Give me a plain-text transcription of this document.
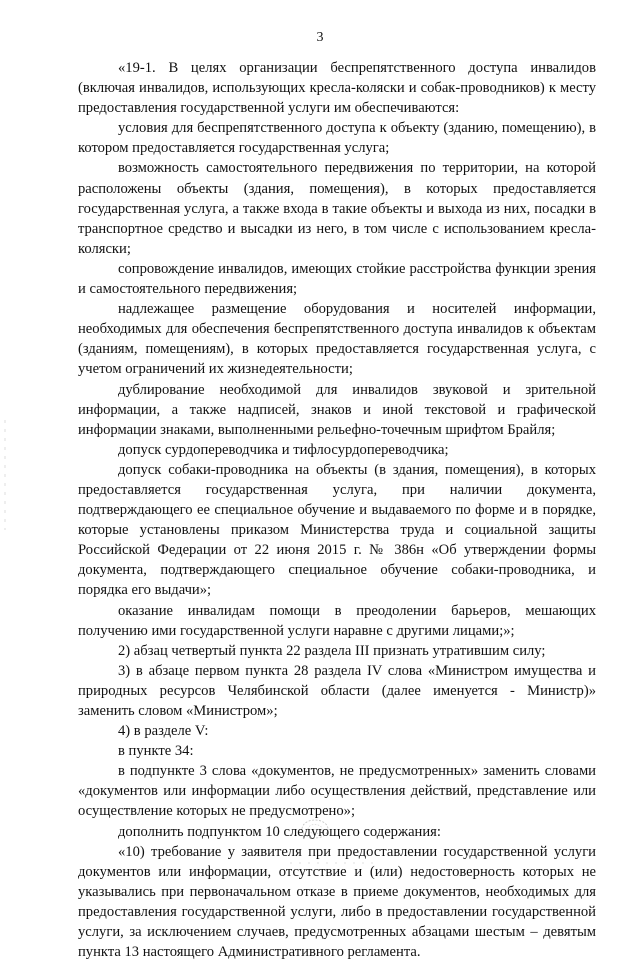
3

«19-1. В целях организации беспрепятственного доступа инвалидов (включая инвалидов, использующих кресла-коляски и собак-проводников) к месту предоставления государственной услуги им обеспечиваются:

условия для беспрепятственного доступа к объекту (зданию, помещению), в котором предоставляется государственная услуга;

возможность самостоятельного передвижения по территории, на которой расположены объекты (здания, помещения), в которых предоставляется государственная услуга, а также входа в такие объекты и выхода из них, посадки в транспортное средство и высадки из него, в том числе с использованием кресла-коляски;

сопровождение инвалидов, имеющих стойкие расстройства функции зрения и самостоятельного передвижения;

надлежащее размещение оборудования и носителей информации, необходимых для обеспечения беспрепятственного доступа инвалидов к объектам (зданиям, помещениям), в которых предоставляется государственная услуга, с учетом ограничений их жизнедеятельности;

дублирование необходимой для инвалидов звуковой и зрительной информации, а также надписей, знаков и иной текстовой и графической информации знаками, выполненными рельефно-точечным шрифтом Брайля;

допуск сурдопереводчика и тифлосурдопереводчика;

допуск собаки-проводника на объекты (в здания, помещения), в которых предоставляется государственная услуга, при наличии документа, подтверждающего ее специальное обучение и выдаваемого по форме и в порядке, которые установлены приказом Министерства труда и социальной защиты Российской Федерации от 22 июня 2015 г. № 386н «Об утверждении формы документа, подтверждающего специальное обучение собаки-проводника, и порядка его выдачи»;

оказание инвалидам помощи в преодолении барьеров, мешающих получению ими государственной услуги наравне с другими лицами;»;

2) абзац четвертый пункта 22 раздела III признать утратившим силу;

3) в абзаце первом пункта 28 раздела IV слова «Министром имущества и природных ресурсов Челябинской области (далее именуется - Министр)» заменить словом «Министром»;

4) в разделе V:

в пункте 34:

в подпункте 3 слова «документов, не предусмотренных» заменить словами «документов или информации либо осуществления действий, представление или осуществление которых не предусмотрено»;

дополнить подпунктом 10 следующего содержания:

«10) требование у заявителя при предоставлении государственной услуги документов или информации, отсутствие и (или) недостоверность которых не указывались при первоначальном отказе в приеме документов, необходимых для предоставления государственной услуги, либо в предоставлении государственной услуги, за исключением случаев, предусмотренных абзацами шестым – девятым пункта 13 настоящего Административного регламента.
